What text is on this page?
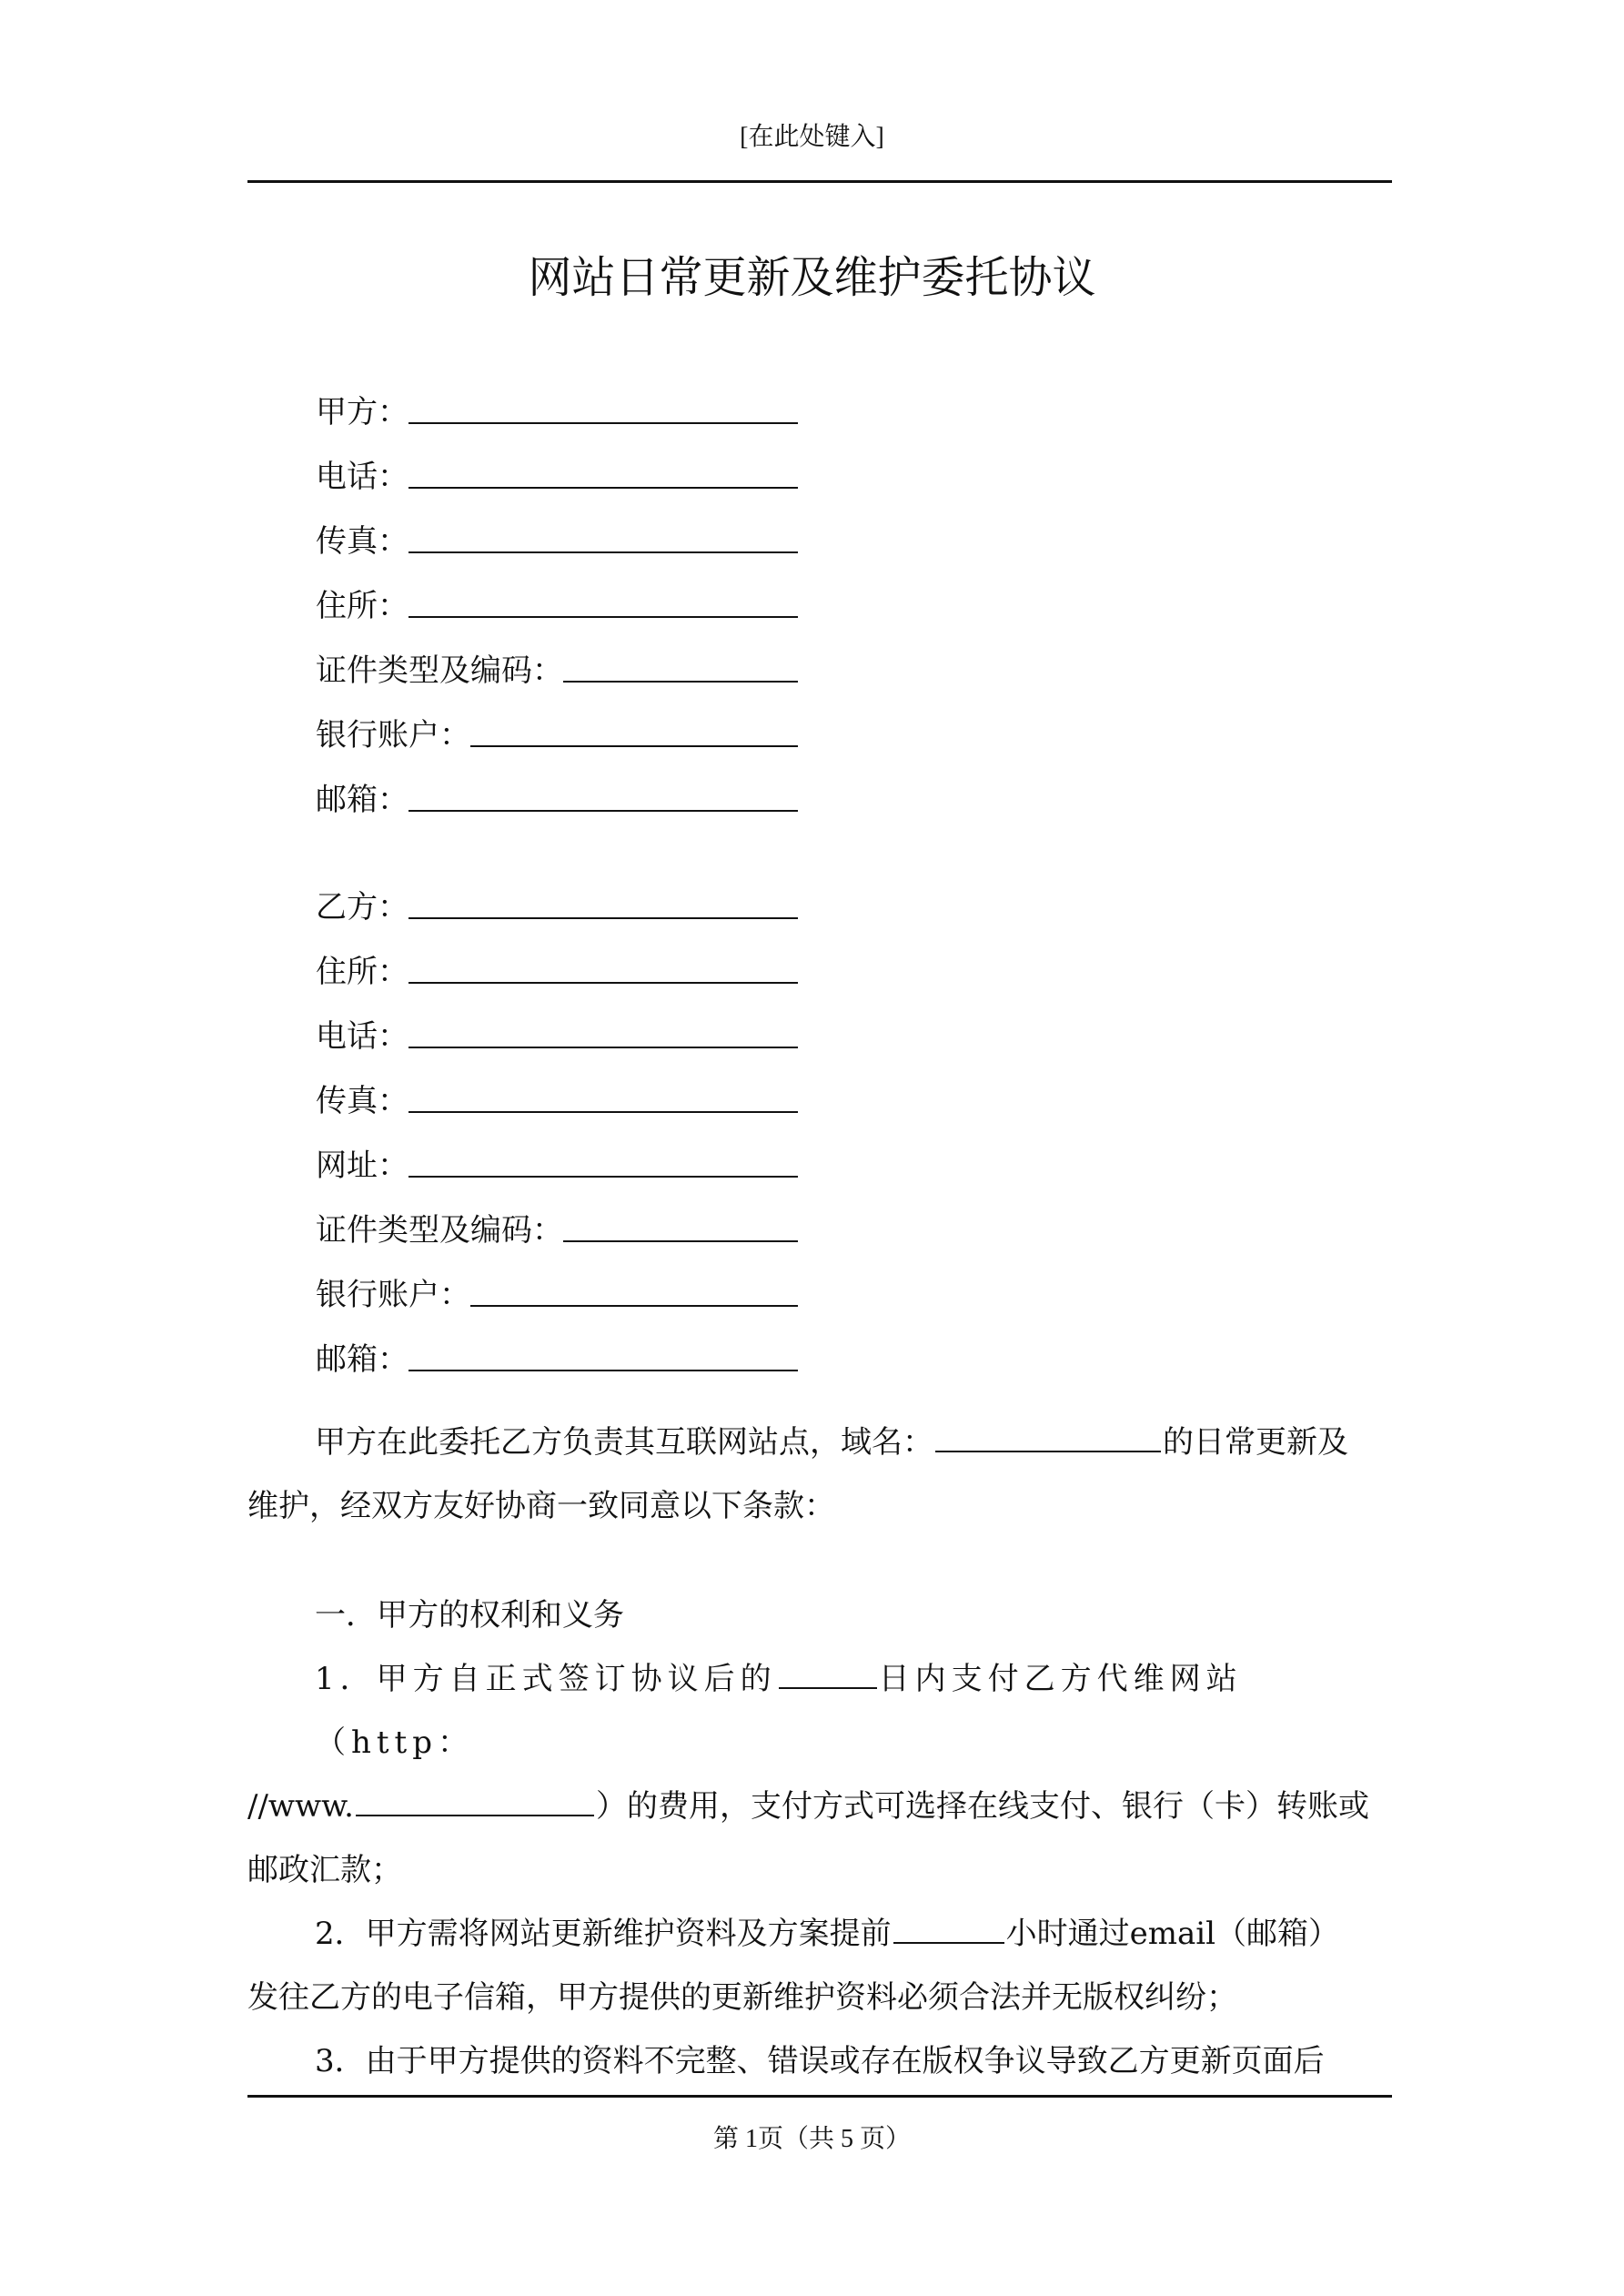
[在此处键入]
网站日常更新及维护委托协议
甲方：
电话：
传真：
住所：
证件类型及编码：
银行账户：
邮箱：
乙方：
住所：
电话：
传真：
网址：
证件类型及编码：
银行账户：
邮箱：
甲方在此委托乙方负责其互联网站点，域名：	的日常更新及
维护，经双方友好协商一致同意以下条款：
一．甲方的权利和义务
1．甲方自正式签订协议后的	日内支付乙方代维网站（http：
//www.	）的费用，支付方式可选择在线支付、银行（卡）转账或
邮政汇款；
2．甲方需将网站更新维护资料及方案提前	小时通过email（邮箱）
发往乙方的电子信箱，甲方提供的更新维护资料必须合法并无版权纠纷；
3．由于甲方提供的资料不完整、错误或存在版权争议导致乙方更新页面后
第 1页（共 5 页）
